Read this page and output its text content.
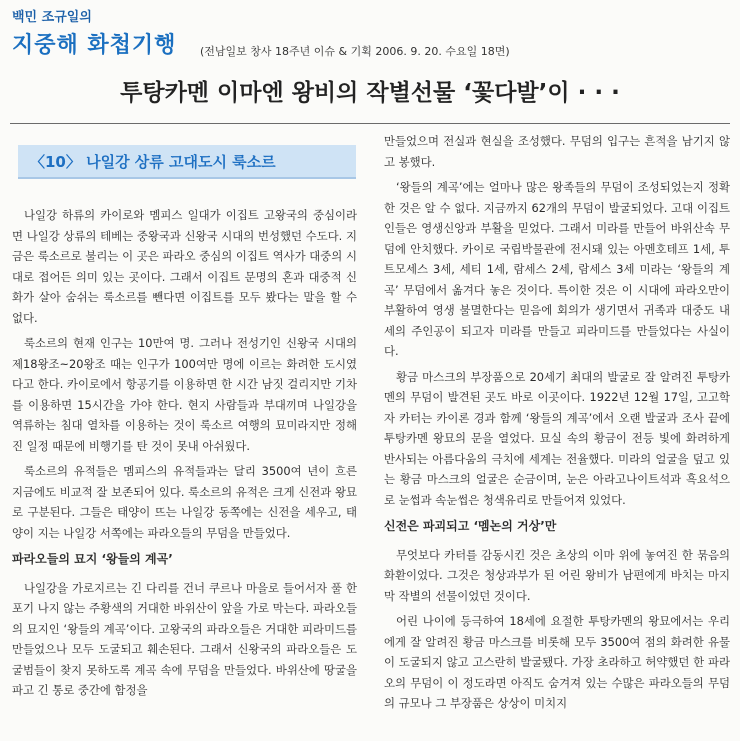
백민 조규일의
지중해 화첩기행 (전남일보 창사 18주년 이슈 & 기획 2006. 9. 20. 수요일 18면)
투탕카멘 이마엔 왕비의 작별선물 ‘꽃다발’이 · · ·
〈10〉 나일강 상류 고대도시 룩소르

나일강 하류의 카이로와 멤피스 일대가 이집트 고왕국의 중심이라면 나일강 상류의 테베는 중왕국과 신왕국 시대의 번성했던 수도다. 지금은 룩소르로 불리는 이 곳은 파라오 중심의 이집트 역사가 대중의 시대로 접어든 의미 있는 곳이다. 그래서 이집트 문명의 혼과 대중적 신화가 살아 숨쉬는 룩소르를 뺀다면 이집트를 모두 봤다는 말을 할 수 없다.

룩소르의 현재 인구는 10만여 명. 그러나 전성기인 신왕국 시대의 제18왕조~20왕조 때는 인구가 100여만 명에 이르는 화려한 도시였다고 한다. 카이로에서 항공기를 이용하면 한 시간 남짓 걸리지만 기차를 이용하면 15시간을 가야 한다. 현지 사람들과 부대끼며 나일강을 역류하는 침대 열차를 이용하는 것이 룩소르 여행의 묘미라지만 정해진 일정 때문에 비행기를 탄 것이 못내 아쉬웠다.

룩소르의 유적들은 멤피스의 유적들과는 달리 3500여 년이 흐른 지금에도 비교적 잘 보존되어 있다. 룩소르의 유적은 크게 신전과 왕묘로 구분된다. 그들은 태양이 뜨는 나일강 동쪽에는 신전을 세우고, 태양이 지는 나일강 서쪽에는 파라오들의 무덤을 만들었다.

파라오들의 묘지 ‘왕들의 계곡’

나일강을 가로지르는 긴 다리를 건너 쿠르나 마을로 들어서자 풀 한 포기 나지 않는 주황색의 거대한 바위산이 앞을 가로 막는다. 파라오들의 묘지인 ‘왕들의 계곡’이다. 고왕국의 파라오들은 거대한 피라미드를 만들었으나 모두 도굴되고 훼손된다. 그래서 신왕국의 파라오들은 도굴범들이 찾지 못하도록 계곡 속에 무덤을 만들었다. 바위산에 땅굴을 파고 긴 통로 중간에 함정을

만들었으며 전실과 현실을 조성했다. 무덤의 입구는 흔적을 남기지 않고 봉했다.

‘왕들의 계곡’에는 얼마나 많은 왕족들의 무덤이 조성되었는지 정확한 것은 알 수 없다. 지금까지 62개의 무덤이 발굴되었다. 고대 이집트인들은 영생신앙과 부활을 믿었다. 그래서 미라를 만들어 바위산속 무덤에 안치했다. 카이로 국립박물관에 전시돼 있는 아멘호테프 1세, 투트모세스 3세, 세티 1세, 람세스 2세, 람세스 3세 미라는 ‘왕들의 계곡’ 무덤에서 옮겨다 놓은 것이다. 특이한 것은 이 시대에 파라오만이 부활하여 영생 불멸한다는 믿음에 회의가 생기면서 귀족과 대중도 내세의 주인공이 되고자 미라를 만들고 피라미드를 만들었다는 사실이다.

황금 마스크의 부장품으로 20세기 최대의 발굴로 잘 알려진 투탕카멘의 무덤이 발견된 곳도 바로 이곳이다. 1922년 12월 17일, 고고학자 카터는 카이론 경과 함께 ‘왕들의 계곡’에서 오랜 발굴과 조사 끝에 투탕카멘 왕묘의 문을 열었다. 묘실 속의 황금이 전등 빛에 화려하게 반사되는 아름다움의 극치에 세계는 전율했다. 미라의 얼굴을 덮고 있는 황금 마스크의 얼굴은 순금이며, 눈은 아라고나이트석과 흑요석으로 눈썹과 속눈썹은 청색유리로 만들어져 있었다.

신전은 파괴되고 ‘멤논의 거상’만

무엇보다 카터를 감동시킨 것은 초상의 이마 위에 놓여진 한 묶음의 화환이었다. 그것은 청상과부가 된 어린 왕비가 남편에게 바치는 마지막 작별의 선물이었던 것이다.

어린 나이에 등극하여 18세에 요절한 투탕카멘의 왕묘에서는 우리에게 잘 알려진 황금 마스크를 비롯해 모두 3500여 점의 화려한 유물이 도굴되지 않고 고스란히 발굴됐다. 가장 초라하고 허약했던 한 파라오의 무덤이 이 정도라면 아직도 숨겨져 있는 수많은 파라오들의 무덤의 규모나 그 부장품은 상상이 미치지
